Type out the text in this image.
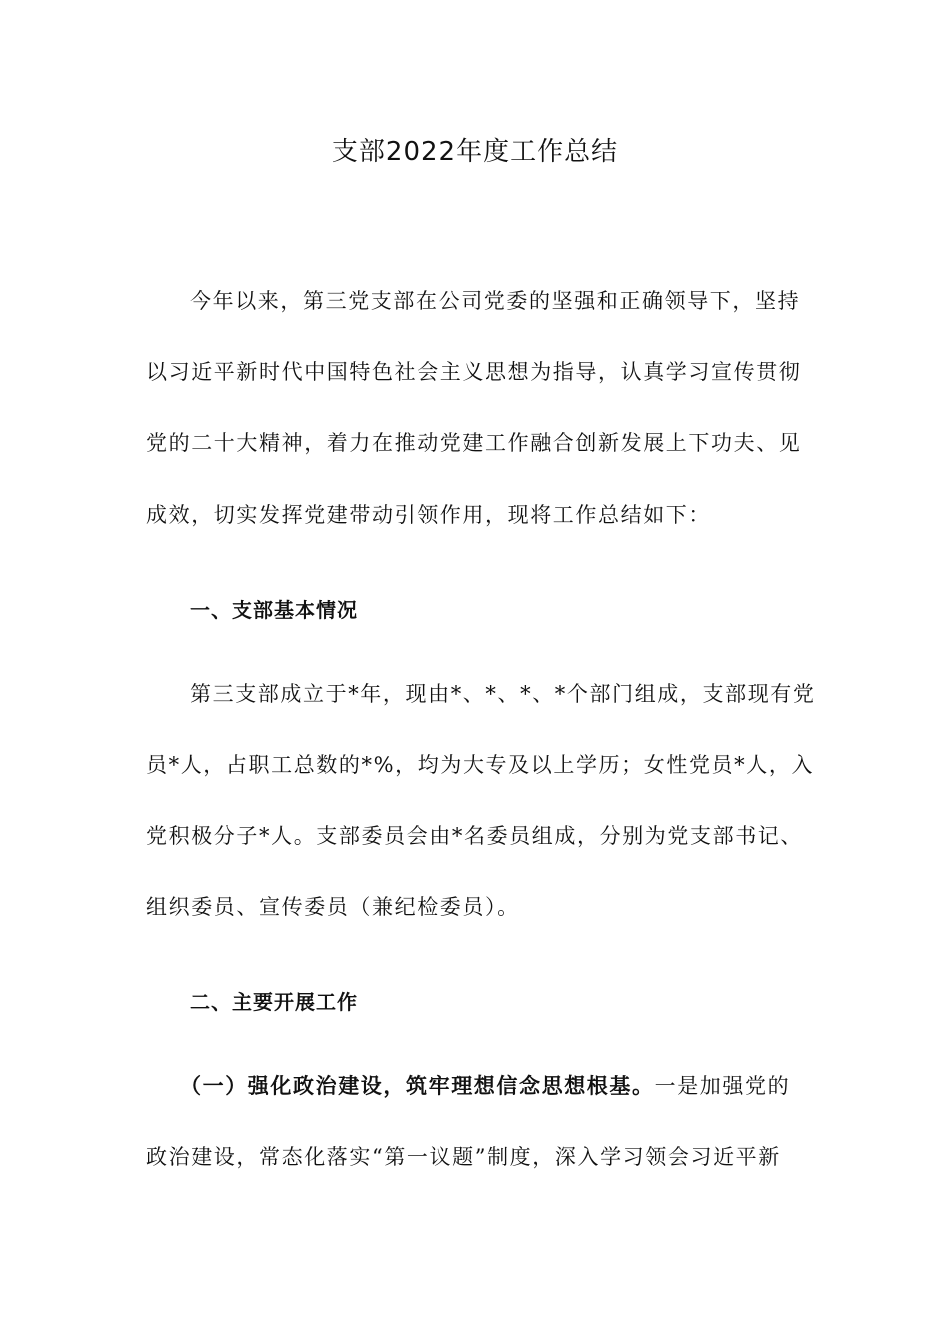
支部2022年度工作总结
今年以来，第三党支部在公司党委的坚强和正确领导下，坚持
以习近平新时代中国特色社会主义思想为指导，认真学习宣传贯彻
党的二十大精神，着力在推动党建工作融合创新发展上下功夫、见
成效，切实发挥党建带动引领作用，现将工作总结如下：
一、支部基本情况
第三支部成立于*年，现由*、*、*、*个部门组成，支部现有党
员*人，占职工总数的*%，均为大专及以上学历；女性党员*人，入
党积极分子*人。支部委员会由*名委员组成，分别为党支部书记、
组织委员、宣传委员（兼纪检委员）。
二、主要开展工作
（一）强化政治建设，筑牢理想信念思想根基。一是加强党的
政治建设，常态化落实“第一议题”制度，深入学习领会习近平新
